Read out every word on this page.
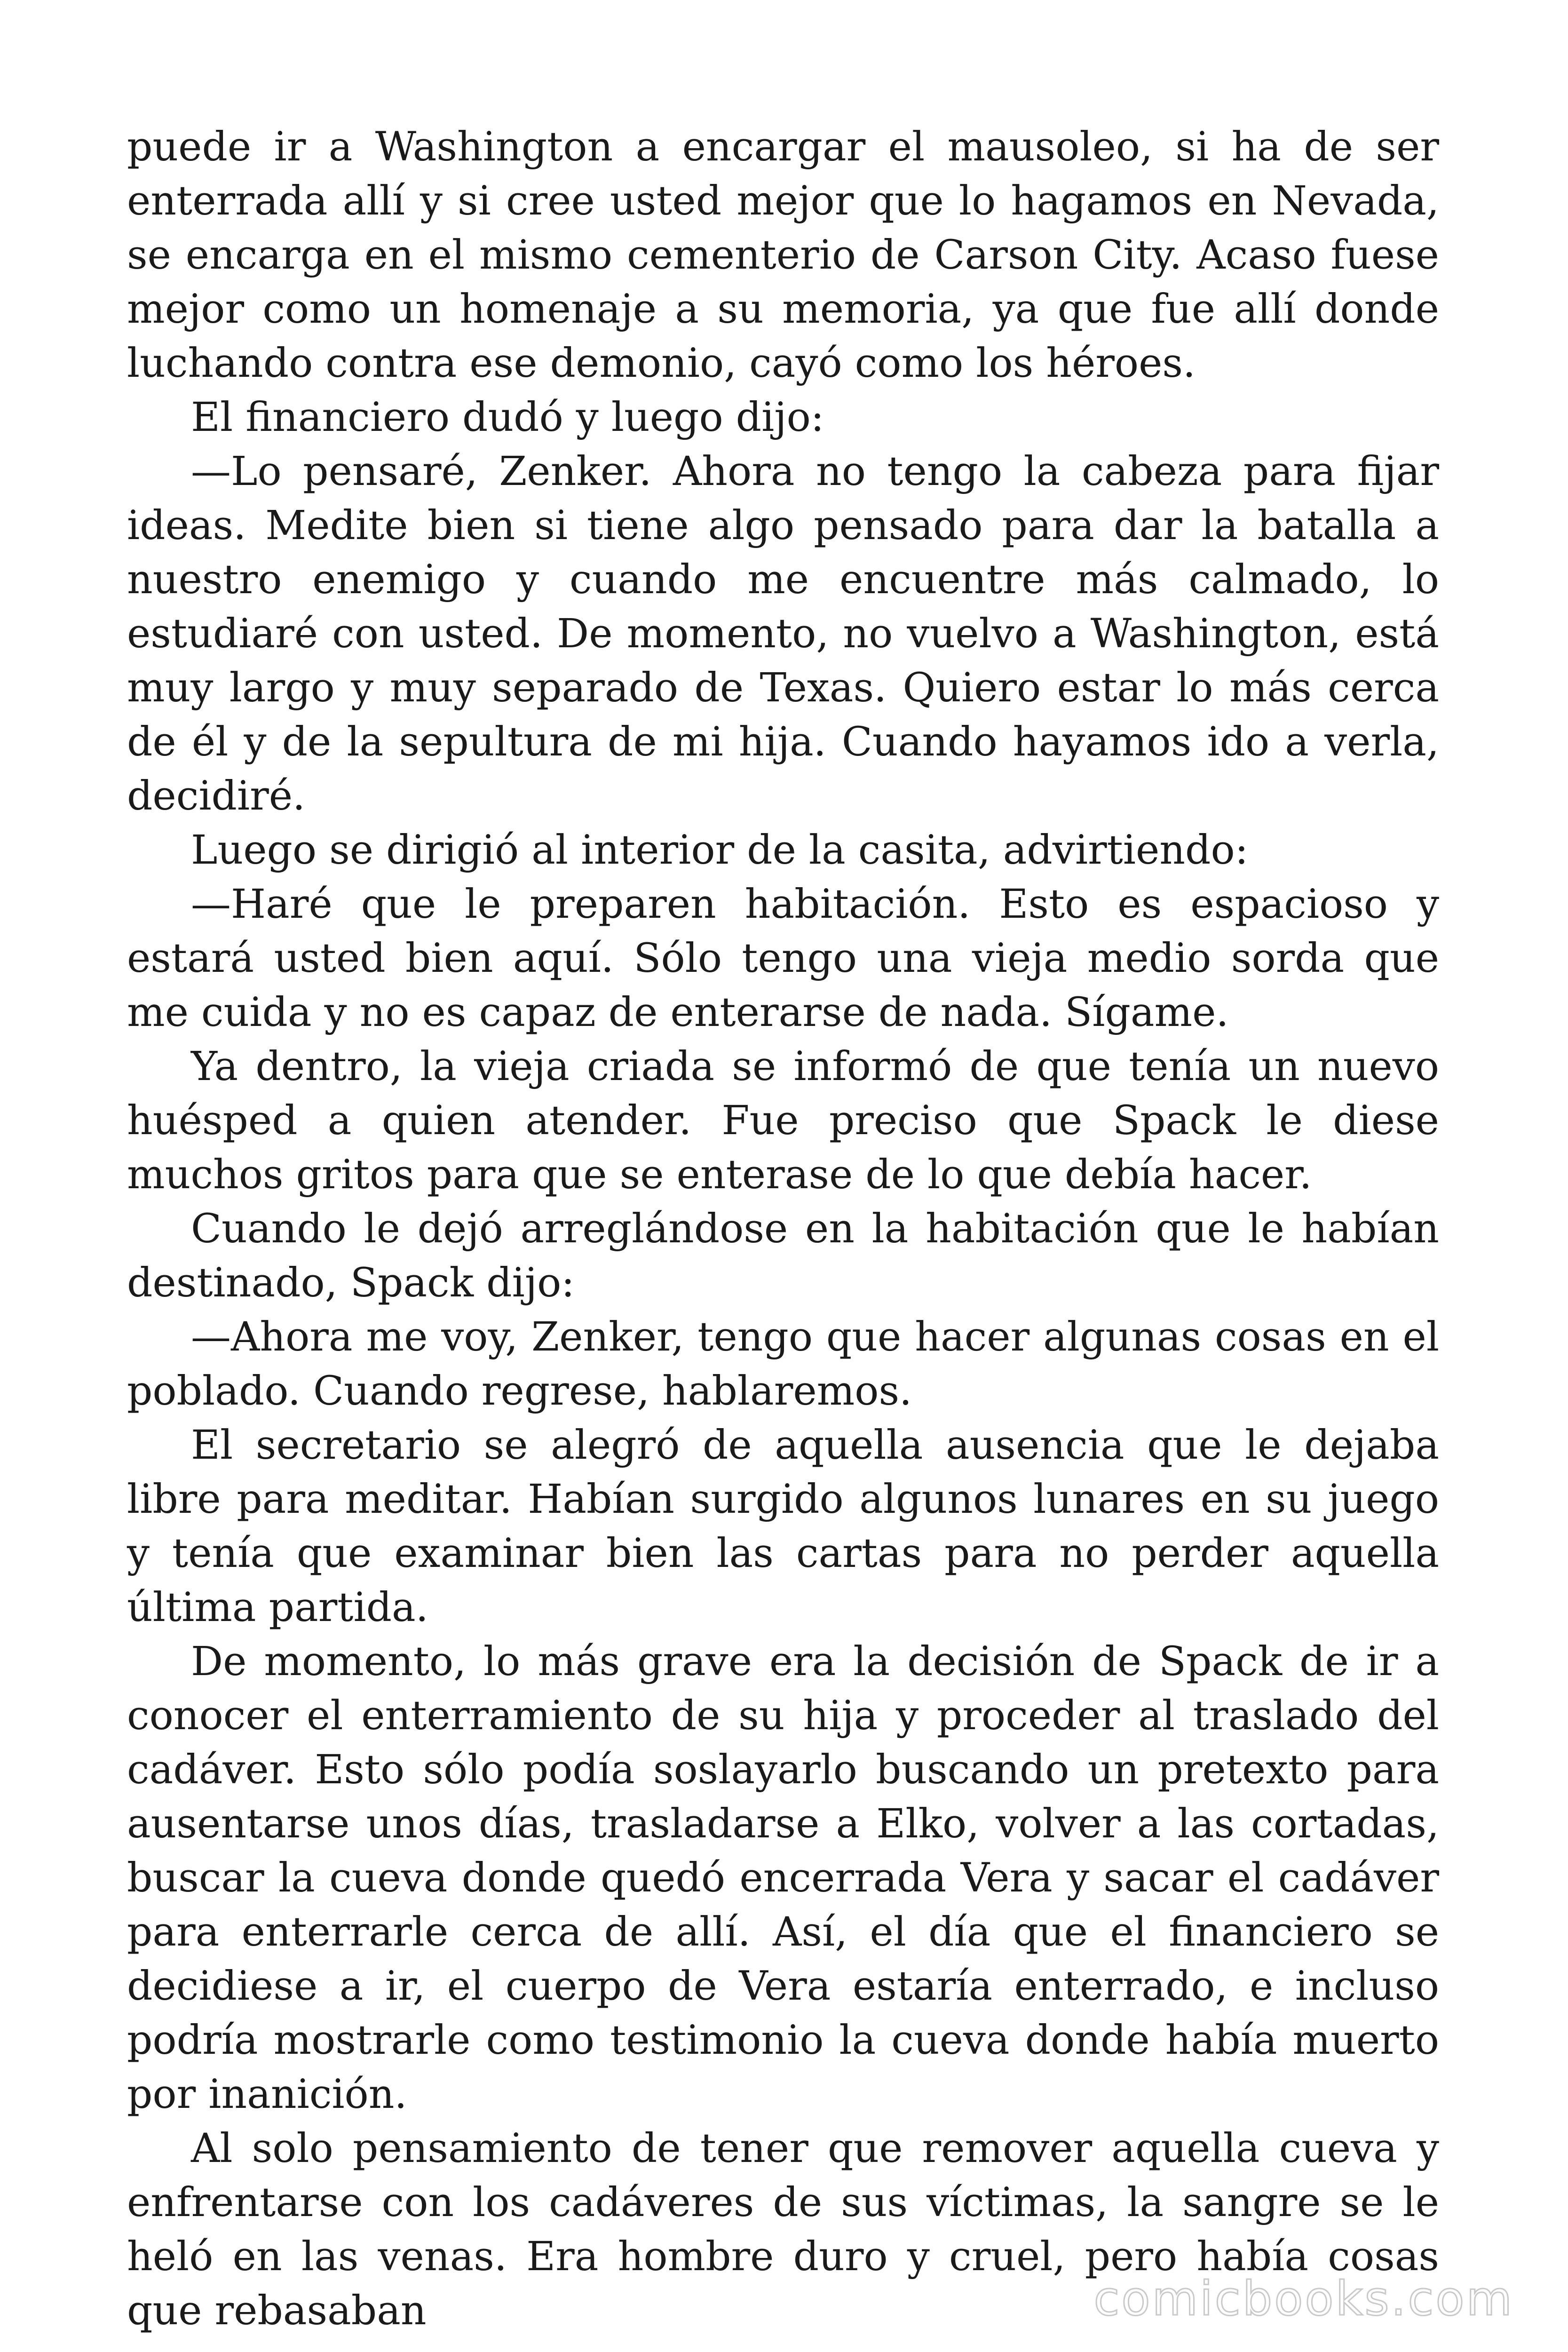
puede ir a Washington a encargar el mausoleo, si ha de ser enterrada allí y si cree usted mejor que lo hagamos en Nevada, se encarga en el mismo cementerio de Carson City. Acaso fuese mejor como un homenaje a su memoria, ya que fue allí donde luchando contra ese demonio, cayó como los héroes.

El financiero dudó y luego dijo:

—Lo pensaré, Zenker. Ahora no tengo la cabeza para fijar ideas. Medite bien si tiene algo pensado para dar la batalla a nuestro enemigo y cuando me encuentre más calmado, lo estudiaré con usted. De momento, no vuelvo a Washington, está muy largo y muy separado de Texas. Quiero estar lo más cerca de él y de la sepultura de mi hija. Cuando hayamos ido a verla, decidiré.

Luego se dirigió al interior de la casita, advirtiendo:

—Haré que le preparen habitación. Esto es espacioso y estará usted bien aquí. Sólo tengo una vieja medio sorda que me cuida y no es capaz de enterarse de nada. Sígame.

Ya dentro, la vieja criada se informó de que tenía un nuevo huésped a quien atender. Fue preciso que Spack le diese muchos gritos para que se enterase de lo que debía hacer.

Cuando le dejó arreglándose en la habitación que le habían destinado, Spack dijo:

—Ahora me voy, Zenker, tengo que hacer algunas cosas en el poblado. Cuando regrese, hablaremos.

El secretario se alegró de aquella ausencia que le dejaba libre para meditar. Habían surgido algunos lunares en su juego y tenía que examinar bien las cartas para no perder aquella última partida.

De momento, lo más grave era la decisión de Spack de ir a conocer el enterramiento de su hija y proceder al traslado del cadáver. Esto sólo podía soslayarlo buscando un pretexto para ausentarse unos días, trasladarse a Elko, volver a las cortadas, buscar la cueva donde quedó encerrada Vera y sacar el cadáver para enterrarle cerca de allí. Así, el día que el financiero se decidiese a ir, el cuerpo de Vera estaría enterrado, e incluso podría mostrarle como testimonio la cueva donde había muerto por inanición.

Al solo pensamiento de tener que remover aquella cueva y enfrentarse con los cadáveres de sus víctimas, la sangre se le heló en las venas. Era hombre duro y cruel, pero había cosas que rebasaban	comicbooks.com
